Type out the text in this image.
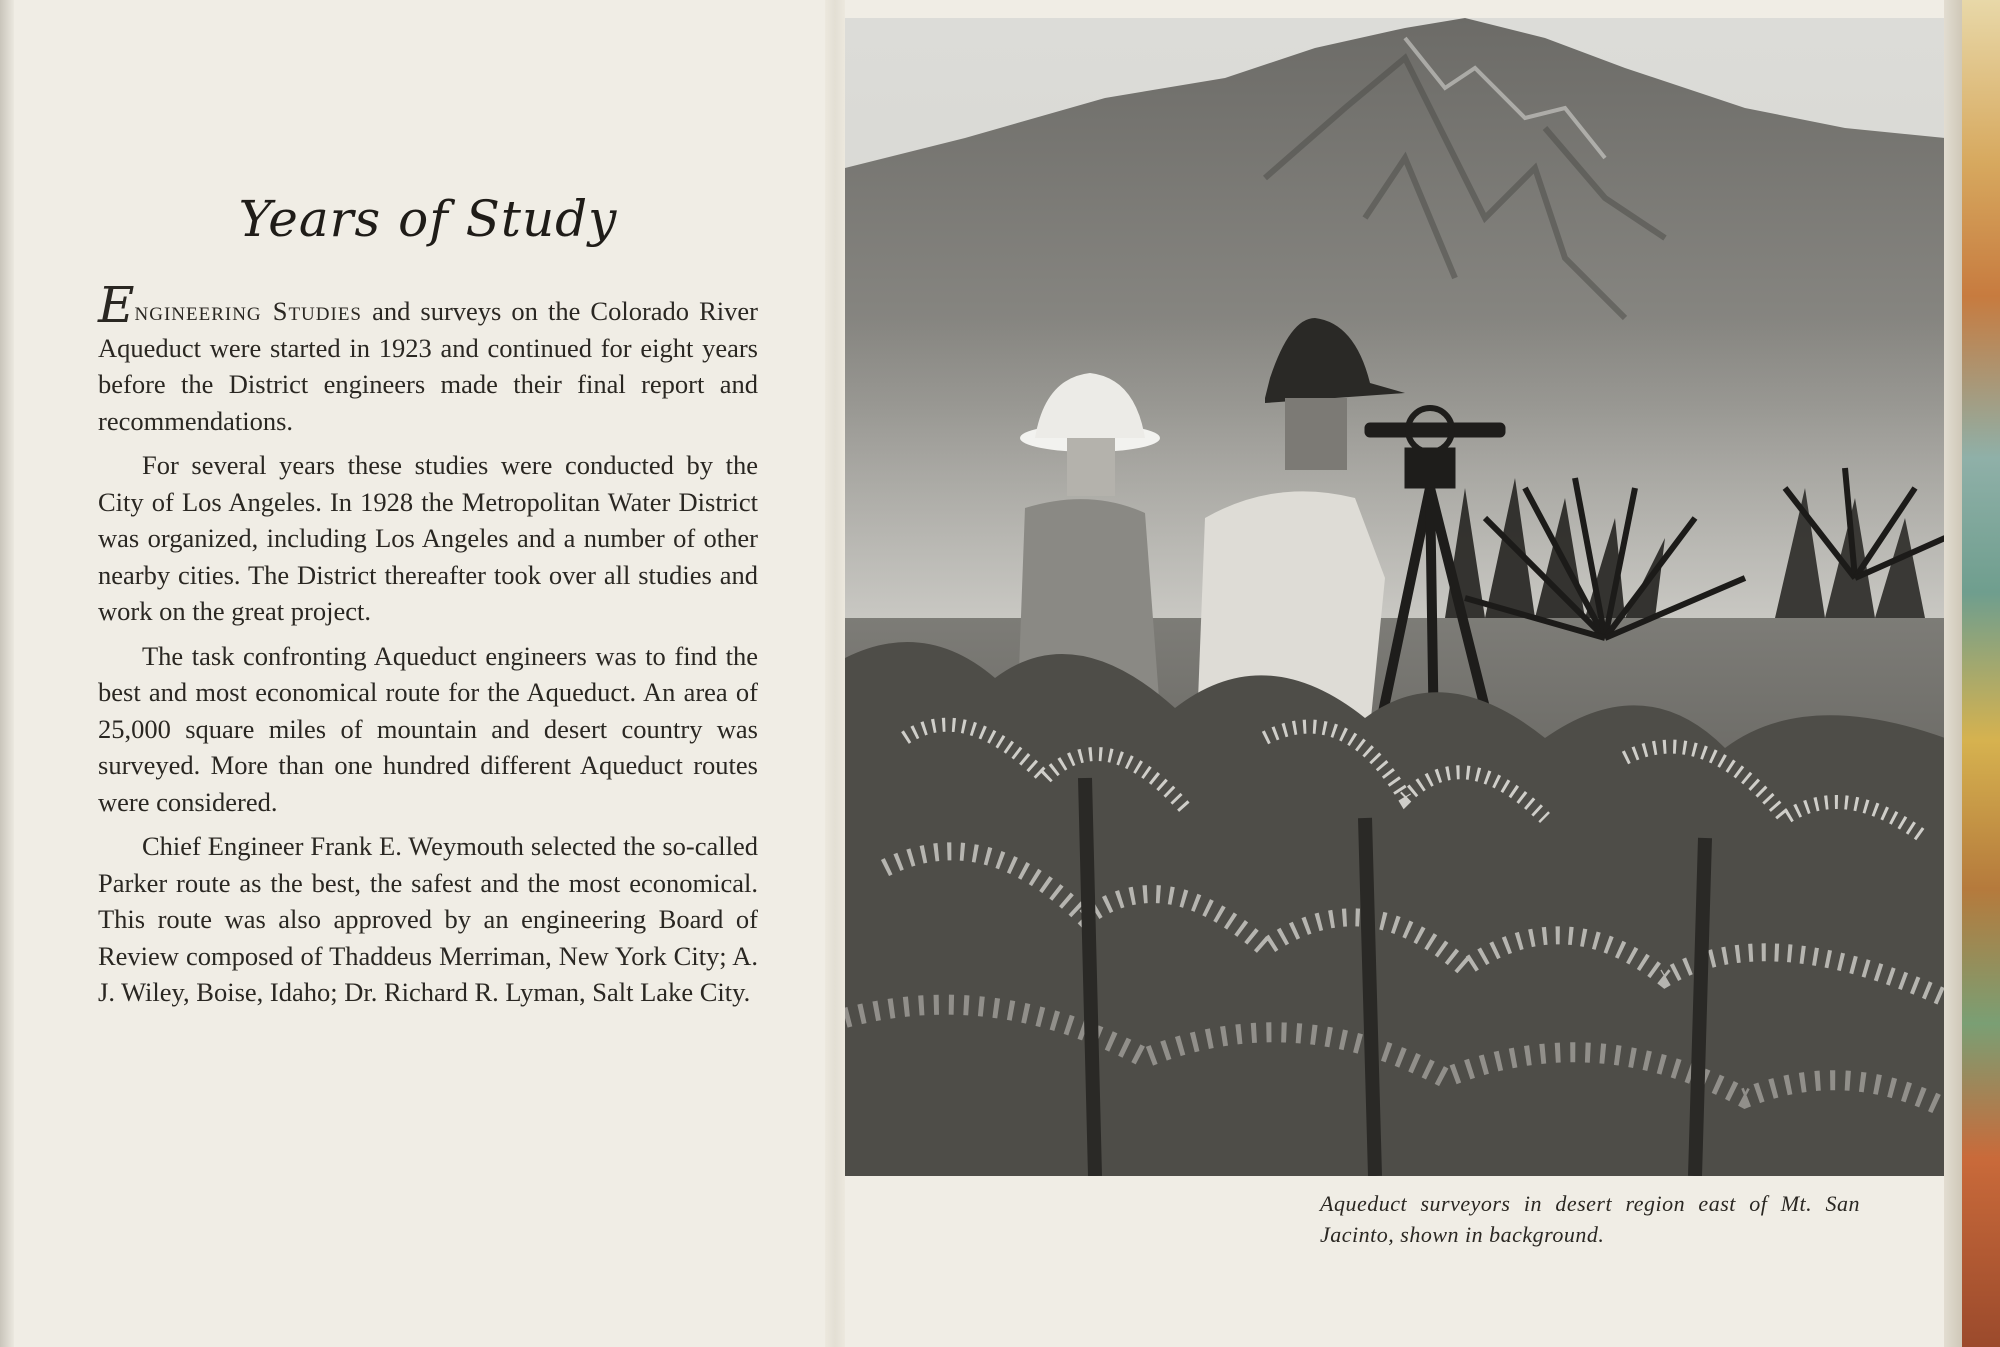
Years of Study

Engineering Studies and surveys on the Colorado River Aqueduct were started in 1923 and continued for eight years before the District engineers made their final report and recommendations.

For several years these studies were conducted by the City of Los Angeles. In 1928 the Metropolitan Water District was organized, including Los Angeles and a number of other nearby cities. The District thereafter took over all studies and work on the great project.

The task confronting Aqueduct engineers was to find the best and most economical route for the Aqueduct. An area of 25,000 square miles of mountain and desert country was surveyed. More than one hundred different Aqueduct routes were considered.

Chief Engineer Frank E. Weymouth selected the so-called Parker route as the best, the safest and the most economical. This route was also approved by an engineering Board of Review composed of Thaddeus Merriman, New York City; A. J. Wiley, Boise, Idaho; Dr. Richard R. Lyman, Salt Lake City.

Aqueduct surveyors in desert region east of Mt. San Jacinto, shown in background.
